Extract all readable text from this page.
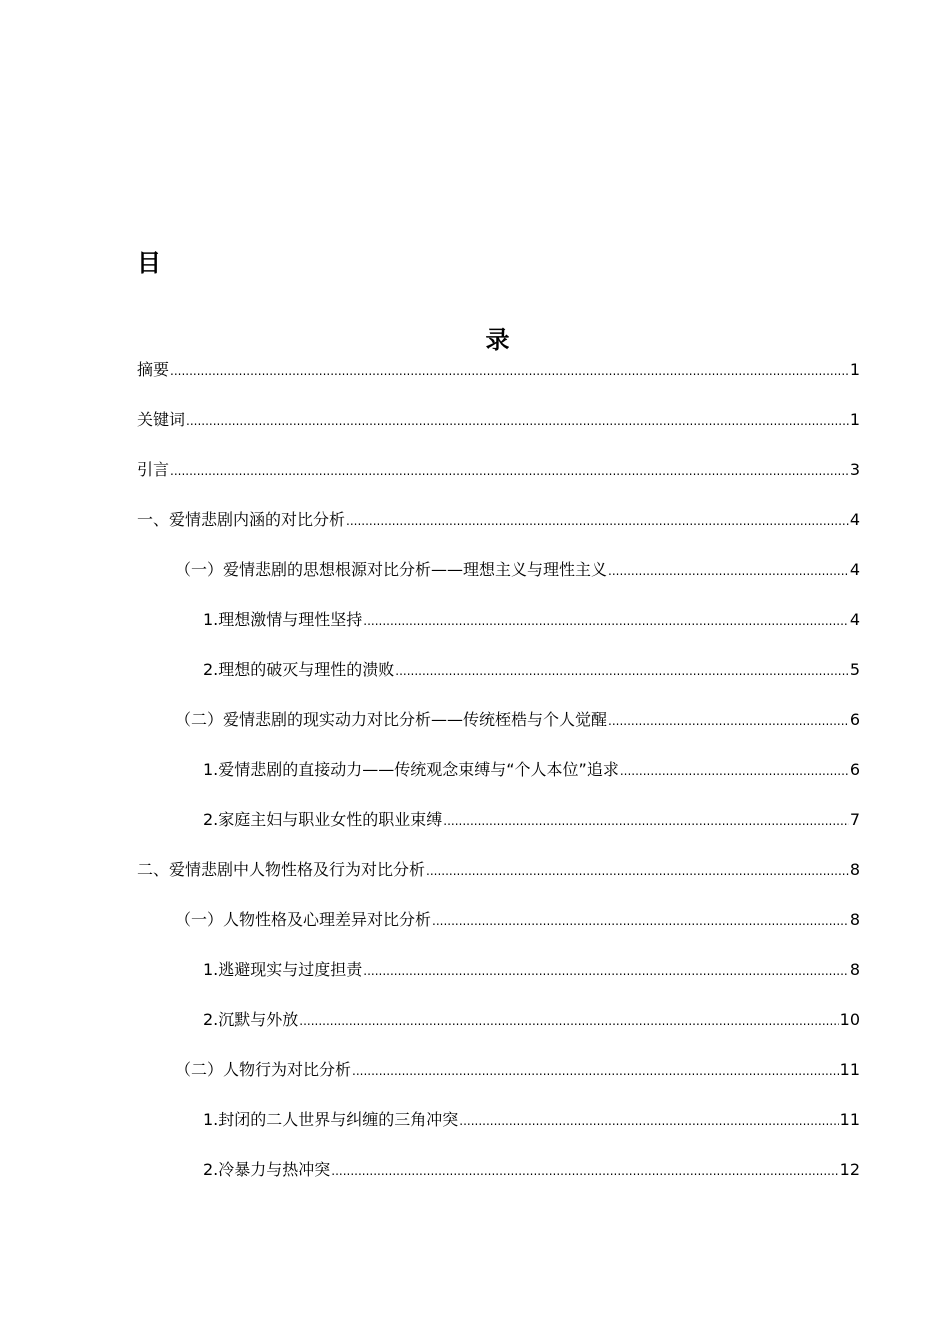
目
录
摘要 .....	1
关键词 .....	1
引言 .....	3
一、爱情悲剧内涵的对比分析 .....	4
（一）爱情悲剧的思想根源对比分析——理想主义与理性主义 .....	4
1.理想激情与理性坚持 .....	4
2.理想的破灭与理性的溃败 .....	5
（二）爱情悲剧的现实动力对比分析——传统桎梏与个人觉醒 .....	6
1.爱情悲剧的直接动力——传统观念束缚与“个人本位”追求 .....	6
2.家庭主妇与职业女性的职业束缚 .....	7
二、爱情悲剧中人物性格及行为对比分析 .....	8
（一）人物性格及心理差异对比分析 .....	8
1.逃避现实与过度担责 .....	8
2.沉默与外放 .....	10
（二）人物行为对比分析 .....	11
1.封闭的二人世界与纠缠的三角冲突 .....	11
2.冷暴力与热冲突 .....	12
